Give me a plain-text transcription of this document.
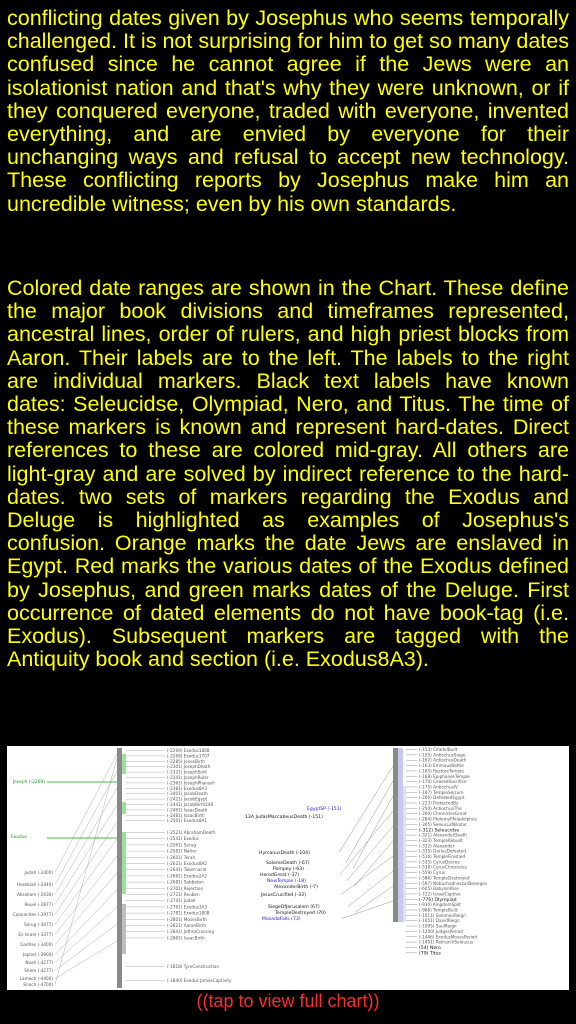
conflicting dates given by Josephus who seems temporally challenged. It is not surprising for him to get so many dates confused since he cannot agree if the Jews were an isolationist nation and that's why they were unknown, or if they conquered everyone, traded with everyone, invented everything, and are envied by everyone for their unchanging ways and refusal to accept new technology. These conflicting reports by Josephus make him an uncredible witness; even by his own standards.

Colored date ranges are shown in the Chart. These define the major book divisions and timeframes represented, ancestral lines, order of rulers, and high priest blocks from Aaron. Their labels are to the left. The labels to the right are individual markers. Black text labels have known dates: Seleucidse, Olympiad, Nero, and Titus. The time of these markers is known and represent hard-dates. Direct references to these are colored mid-gray. All others are light-gray and are solved by indirect reference to the hard-dates. two sets of markers regarding the Exodus and Deluge is highlighted as examples of Josephus's confusion. Orange marks the date Jews are enslaved in Egypt. Red marks the various dates of the Exodus defined by Josephus, and green marks dates of the Deluge. First occurrence of dated elements do not have book-tag (i.e. Exodus). Subsequent markers are tagged with the Antiquity book and section (i.e. Exodus8A3).

Joseph (-2269)
Exodus
Judah (-2400)
Hezekiah (-2440)
Abraham (-2630)
Reuel (-2877)
Caananites (-2977)
Serug (-3077)
Ex Israel (-3377)
Gadites (-3400)
Japhet (-3900)
Noah (-4277)
Shem (-4277)
Lamech (-4400)
Enoch (-4700)
(-2269) Exodus1808
(-2269) Exodus1707
(-2285) JonesBirth
(-2301) JosephDeath
(-2321) JosephSold
(-2341) JosephRuler
(-2361) JosephPharaoh
(-2381) Exodus8A3
(-2401) JacobDeath
(-2421) JacobEgypt
(-2441) JacobBirth248
(-2461) IsaacDeath
(-2481) IsaacBirth
(-2501) Exodus8A1
(-2521) AbrahamDeath
(-2541) Exodus
(-2561) Serug
(-2581) Nahor
(-2601) Terah
(-2621) Exodus8A2
(-2641) Tabernacle
(-2661) Exodus2A2
(-2681) Sabbaton
(-2701) Rejection
(-2721) Reuben
(-2741) Judah
(-2761) Exodus3A3
(-2781) Exodus1808
(-2801) MosesBirth
(-2821) AaronBirth
(-2841) JethroCrossing
(-2861) IsaacBirth
(-1818) TyreConstruction
(-1840) Exodus JamesCaptivity
EgyptSP (-151)
13A JudasMaccabeusDeath (-151)
HyrcanusDeath (-104)
SalomeDeath (-67)
Pompey (-63)
HerodGreat (-37)
NewTemple (-18)
AlexanderBirth (-7)
JesusCrucified (-33)
SiegeOfJerusalem (67)
TempleDestroyed (70)
MasadaFalls (73)
(-153) CitadelBuilt
(-155) AntiochusSiege
(-162) AntiochusDeath
(-163) EmmausBattle
(-165) RestoreTemple
(-168) EpiphanesTemple
(-170) CeasedSacrifice
(-175) AntiochusIV
(-187) TempleSeizure
(-200) DefeatedEgypt
(-223) ProtectedBy
(-250) AntiochusThe
(-260) ChroniclesGreat
(-284) PtolemyPhiladelphus
(-305) SeleucusNikator
(-312) Seleucidse
(-321) AlexanderDeath
(-323) TempleRebuilt
(-332) Alexander
(-335) DariusDefeated
(-516) TempleFinished
(-535) CyrusDecree
(-538) CyrusChronicles
(-559) Cyrus
(-586) TempleDestroyed
(-597) NebuchadnezzarBeseiges
(-605) BabylonRise
(-722) IsraelCaptive
(-776) Olympiad
(-930) KingdomSplit
(-966) TempleBuilt
(-1011) SolomonReign
(-1051) DavidReign
(-1095) SaulReign
(-1200) JudgesPeriod
(-1446) ExodusMosesPeriod
(-1491) PatriarchSeleucus
(54) Nero
(79) Titus
((tap to view full chart))
